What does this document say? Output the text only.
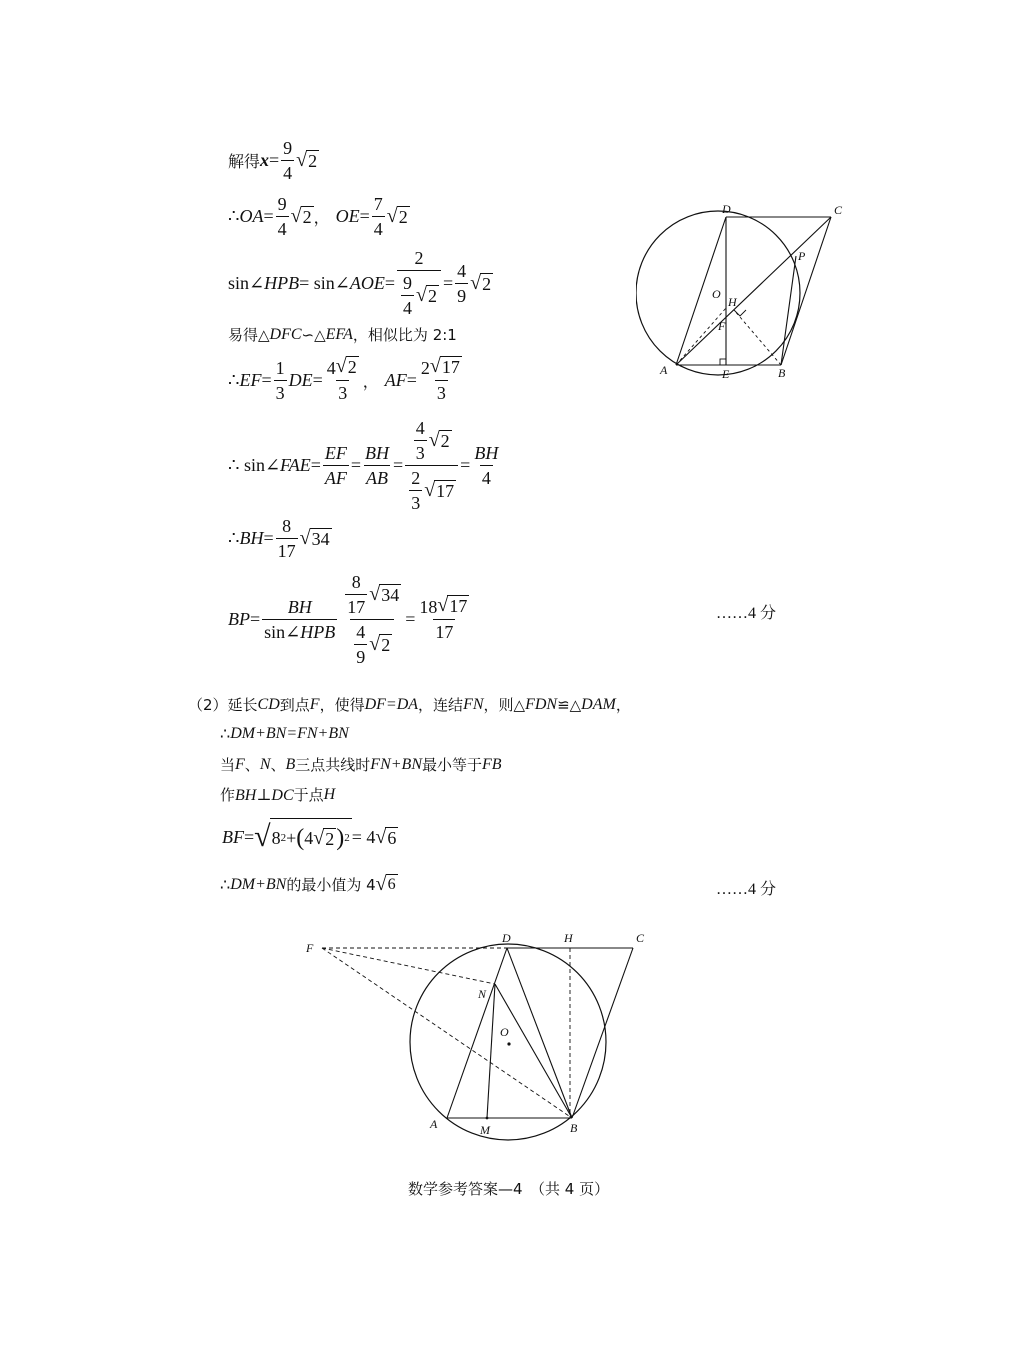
解得 $x = \frac{9}{4}$ √ 2
∴ OA = $\frac{9}{4}$ √ 2 ， OE = $\frac{7}{4}$ √ 2
sin∠ HPB = sin∠ AOE = $\frac{2}{\frac{9}{4} √ 2} = \frac{4}{9}$ √ 2
易得△ DFC ∽△ EFA ，相似比为 2:1
∴ EF = $\frac{1}{3}$ DE = $\frac{4 √ 2}{3}$ ， AF = $\frac{2 √ 17}{3}$
∴ sin∠ FAE = $\frac{EF}{AF} = \frac{BH}{AB} = \frac{\frac{4}{3} √ 2}{\frac{2}{3} √ 17} = \frac{BH}{4}$
∴ BH = $\frac{8}{17}$ √ 34
BP = $\frac{BH}{\text{sin∠ HPB}} \frac{\frac{8}{17} √ 34}{\frac{4}{9} √ 2} = \frac{18 √ 17}{17}$	……4 分
D	C
P
O
H
F
A	E	B
（2）延长 CD 到点 F ，使得 DF=DA ，连结 FN ，则△ FDN ≌△ DAM ，
∴ DM+BN=FN+BN
当 F 、 N 、 B 三点共线时 FN+BN 最小等于 FB
作 BH⊥DC 于点 H
BF = √ 8 2 + ( 4 √ 2 ) 2 = 4 √ 6
∴ DM+BN 的最小值为 4 √ 6	……4 分
F
D	H	C
N
O
A	M	B
数学参考答案—4　（共 4 页）
